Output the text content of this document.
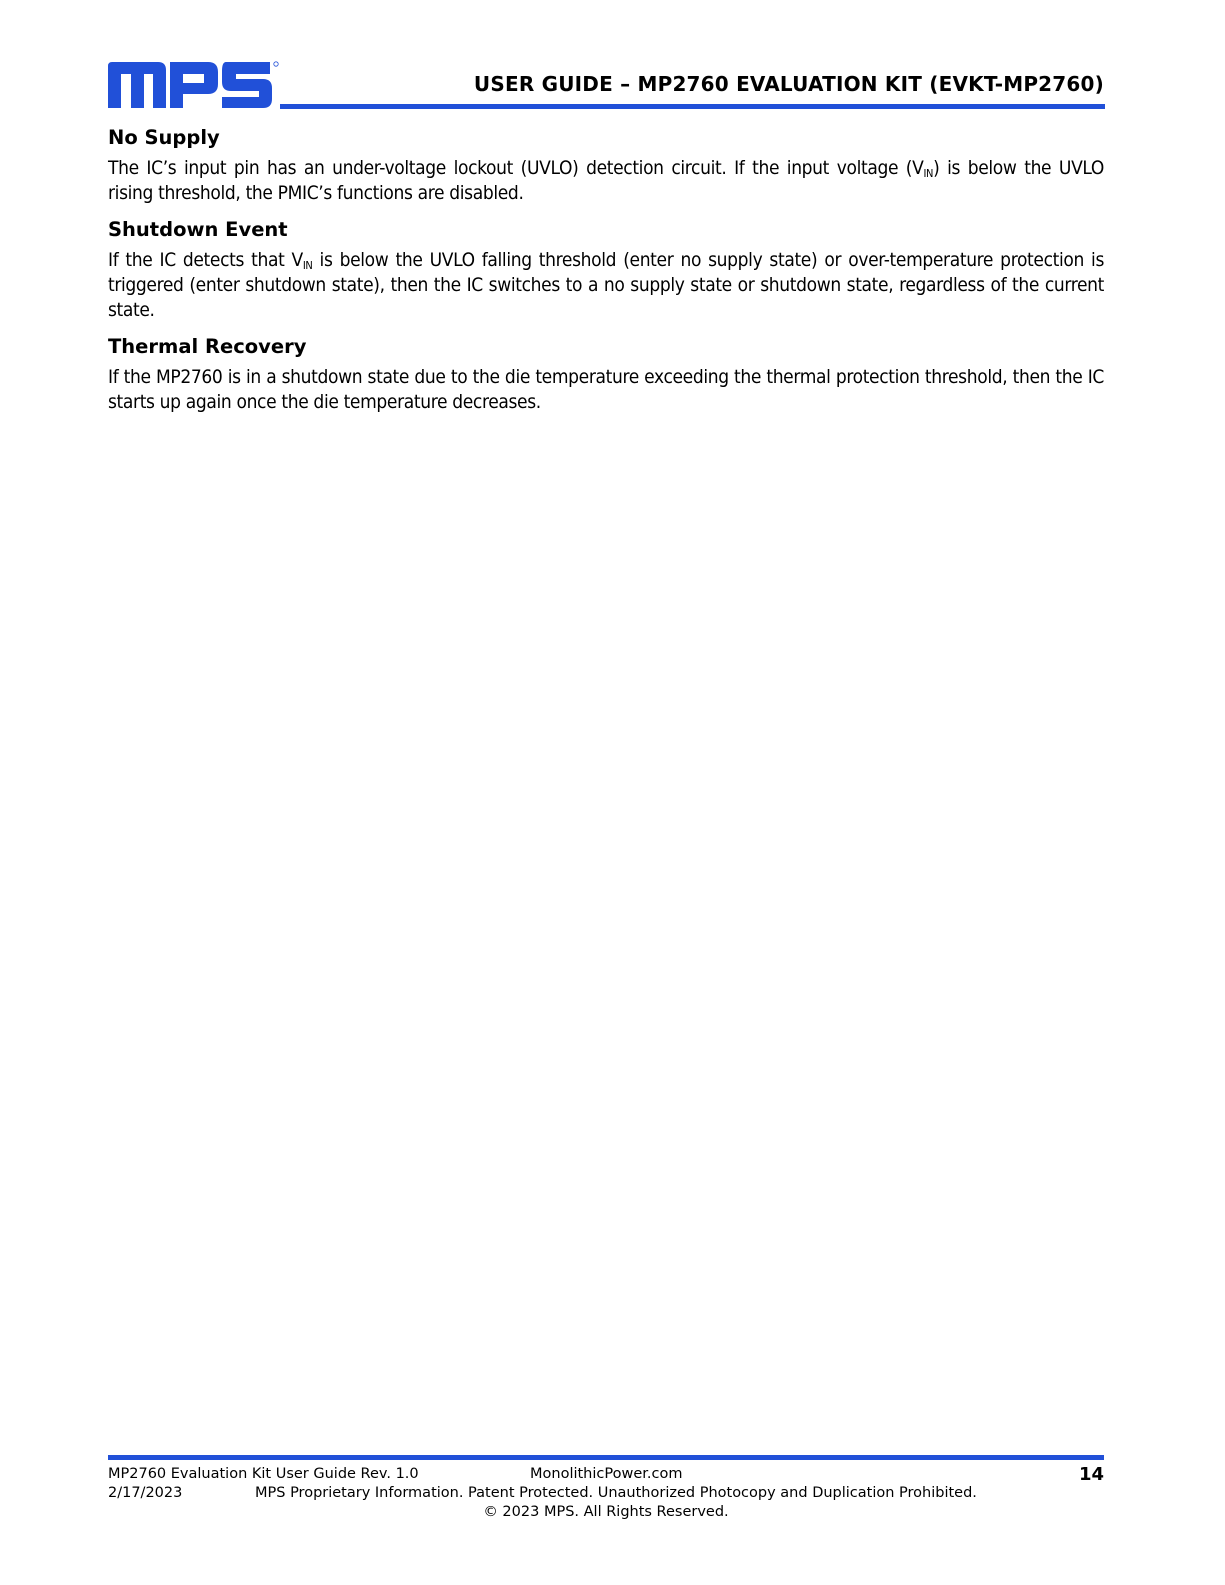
USER GUIDE – MP2760 EVALUATION KIT (EVKT-MP2760)
No Supply

The IC’s input pin has an under-voltage lockout (UVLO) detection circuit. If the input voltage $(V_{IN})$ is below the UVLO rising threshold, the PMIC’s functions are disabled.

Shutdown Event

If the IC detects that $V_{IN}$ is below the UVLO falling threshold (enter no supply state) or over-temperature protection is triggered (enter shutdown state), then the IC switches to a no supply state or shutdown state, regardless of the current state.

Thermal Recovery

If the MP2760 is in a shutdown state due to the die temperature exceeding the thermal protection threshold, then the IC starts up again once the die temperature decreases.

MP2760 Evaluation Kit User Guide Rev. 1.0	MonolithicPower.com	14
2/17/2023	MPS Proprietary Information. Patent Protected. Unauthorized Photocopy and Duplication Prohibited.
© 2023 MPS. All Rights Reserved.
